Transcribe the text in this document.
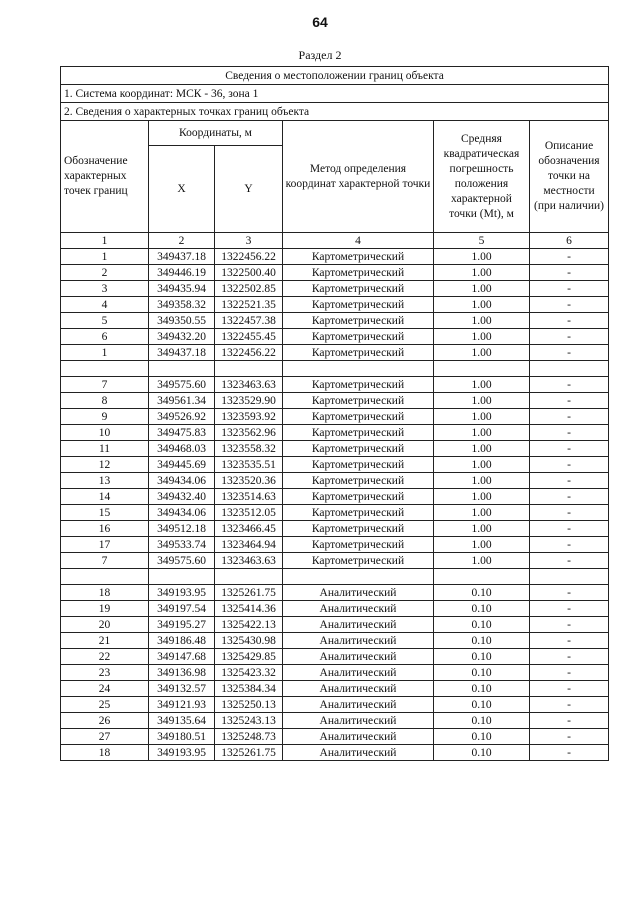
64
Раздел 2
Сведения о местоположении границ объекта					
1. Система координат: МСК - 36, зона 1					
2. Сведения о характерных точках границ объекта					
Обозначение характерных точек границ	Координаты, м		Метод определения координат характерной точки	Средняя квадратическая погрешность положения характерной точки (Mt), м	Описание обозначения точки на местности (при наличии)
	X	Y			
1	2	3	4	5	6
1	349437.18	1322456.22	Картометрический	1.00	-
2	349446.19	1322500.40	Картометрический	1.00	-
3	349435.94	1322502.85	Картометрический	1.00	-
4	349358.32	1322521.35	Картометрический	1.00	-
5	349350.55	1322457.38	Картометрический	1.00	-
6	349432.20	1322455.45	Картометрический	1.00	-
1	349437.18	1322456.22	Картометрический	1.00	-

7	349575.60	1323463.63	Картометрический	1.00	-
8	349561.34	1323529.90	Картометрический	1.00	-
9	349526.92	1323593.92	Картометрический	1.00	-
10	349475.83	1323562.96	Картометрический	1.00	-
11	349468.03	1323558.32	Картометрический	1.00	-
12	349445.69	1323535.51	Картометрический	1.00	-
13	349434.06	1323520.36	Картометрический	1.00	-
14	349432.40	1323514.63	Картометрический	1.00	-
15	349434.06	1323512.05	Картометрический	1.00	-
16	349512.18	1323466.45	Картометрический	1.00	-
17	349533.74	1323464.94	Картометрический	1.00	-
7	349575.60	1323463.63	Картометрический	1.00	-

18	349193.95	1325261.75	Аналитический	0.10	-
19	349197.54	1325414.36	Аналитический	0.10	-
20	349195.27	1325422.13	Аналитический	0.10	-
21	349186.48	1325430.98	Аналитический	0.10	-
22	349147.68	1325429.85	Аналитический	0.10	-
23	349136.98	1325423.32	Аналитический	0.10	-
24	349132.57	1325384.34	Аналитический	0.10	-
25	349121.93	1325250.13	Аналитический	0.10	-
26	349135.64	1325243.13	Аналитический	0.10	-
27	349180.51	1325248.73	Аналитический	0.10	-
18	349193.95	1325261.75	Аналитический	0.10	-
